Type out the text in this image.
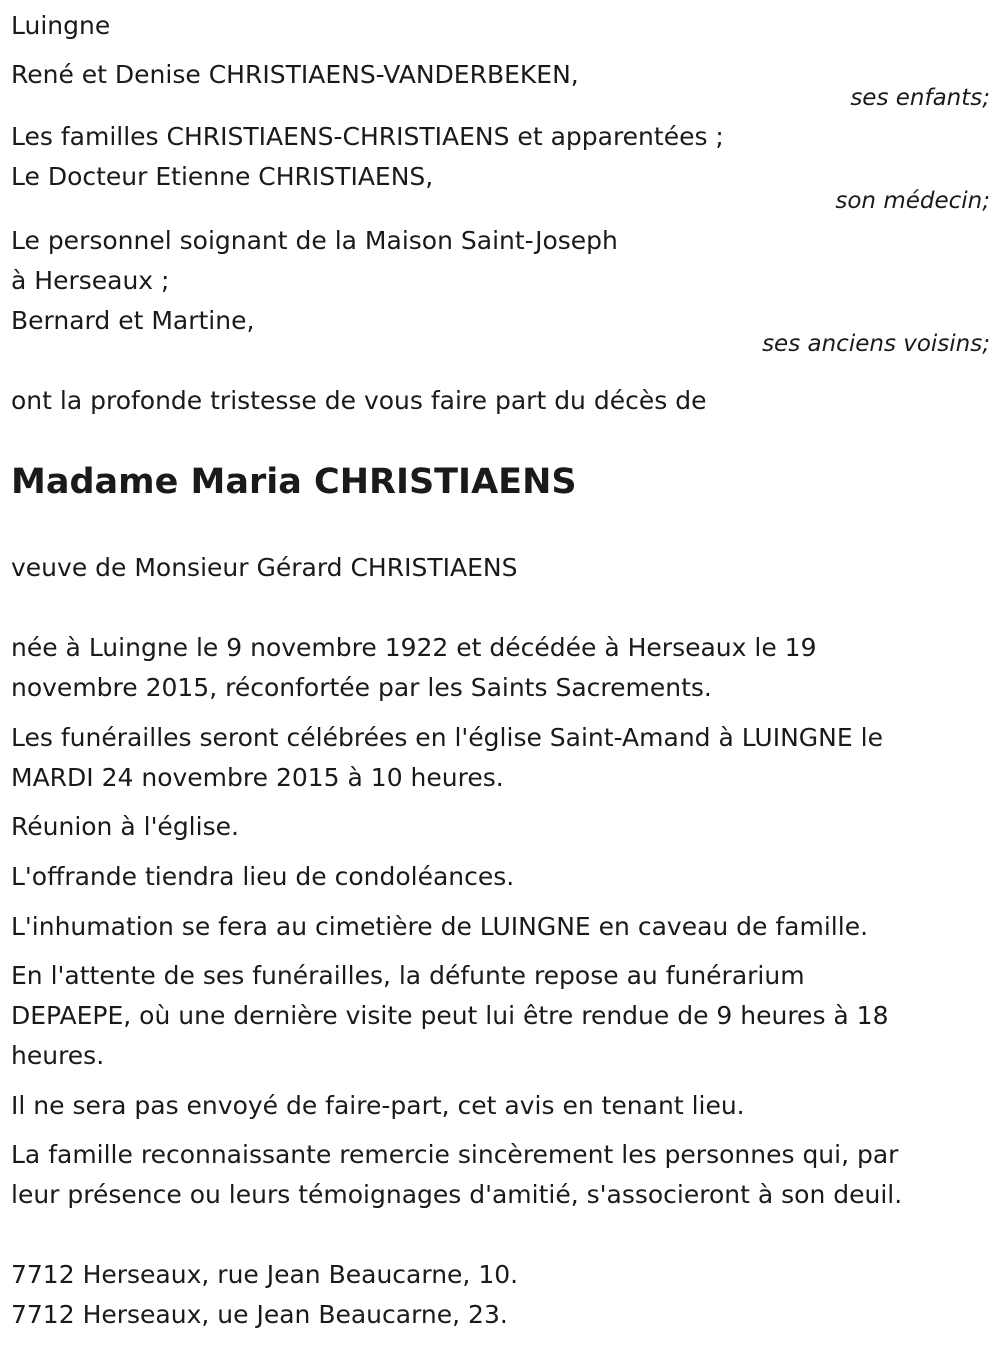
Luingne

René et Denise CHRISTIAENS-VANDERBEKEN,

ses enfants;

Les familles CHRISTIAENS-CHRISTIAENS et apparentées ;

Le Docteur Etienne CHRISTIAENS,

son médecin;

Le personnel soignant de la Maison Saint-Joseph

à Herseaux ;

Bernard et Martine,

ses anciens voisins;

ont la profonde tristesse de vous faire part du décès de

Madame Maria CHRISTIAENS

veuve de Monsieur Gérard CHRISTIAENS

née à Luingne le 9 novembre 1922 et décédée à Herseaux le 19

novembre 2015, réconfortée par les Saints Sacrements.

Les funérailles seront célébrées en l'église Saint-Amand à LUINGNE le

MARDI 24 novembre 2015 à 10 heures.

Réunion à l'église.

L'offrande tiendra lieu de condoléances.

L'inhumation se fera au cimetière de LUINGNE en caveau de famille.

En l'attente de ses funérailles, la défunte repose au funérarium

DEPAEPE, où une dernière visite peut lui être rendue de 9 heures à 18

heures.

Il ne sera pas envoyé de faire-part, cet avis en tenant lieu.

La famille reconnaissante remercie sincèrement les personnes qui, par

leur présence ou leurs témoignages d'amitié, s'associeront à son deuil.

7712 Herseaux, rue Jean Beaucarne, 10.

7712 Herseaux, ue Jean Beaucarne, 23.
